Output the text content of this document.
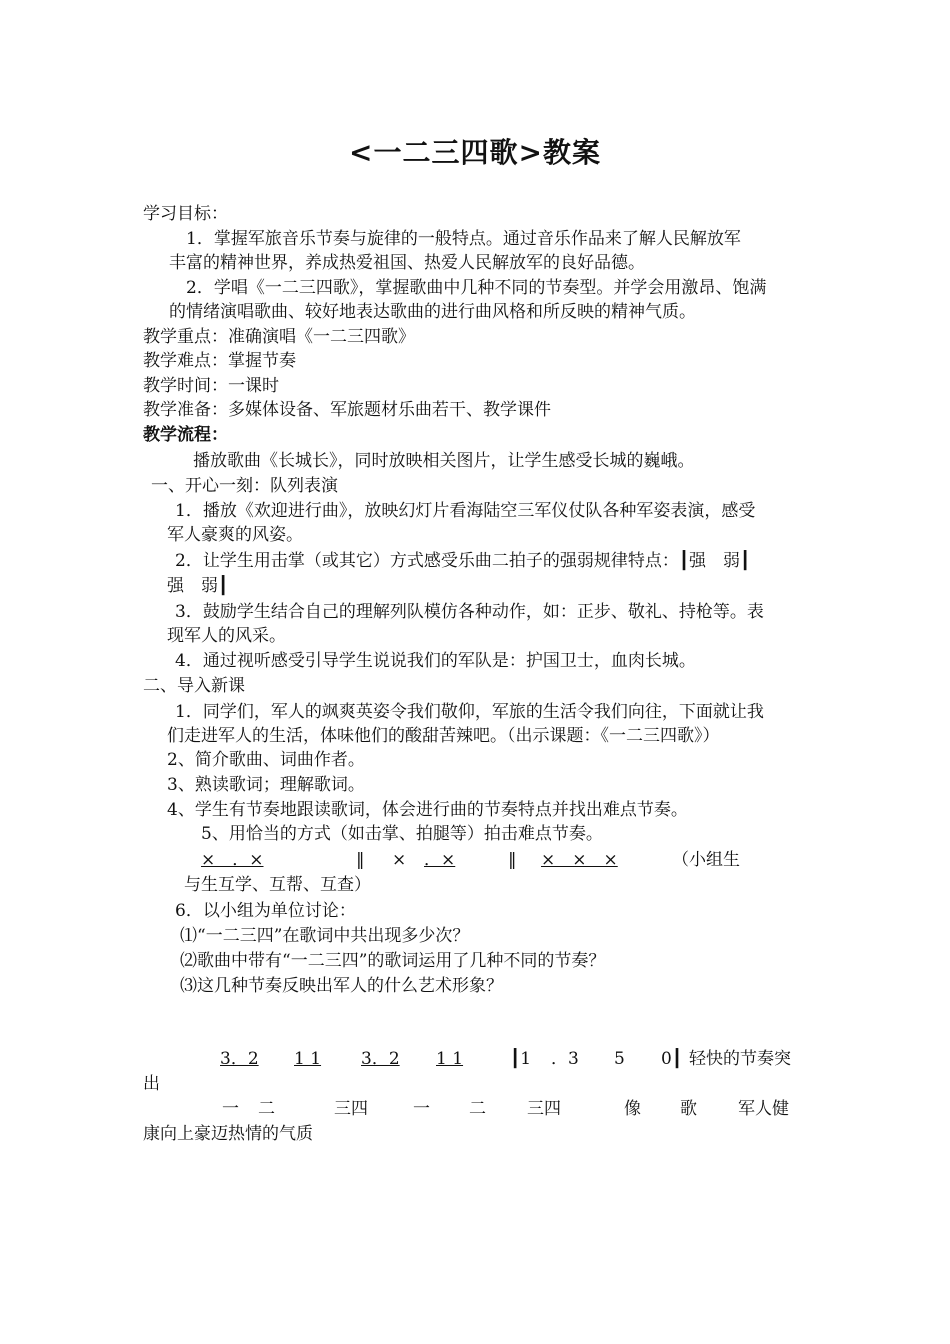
<一二三四歌>教案
学习目标：
1．掌握军旅音乐节奏与旋律的一般特点。通过音乐作品来了解人民解放军
丰富的精神世界，养成热爱祖国、热爱人民解放军的良好品德。
2．学唱《一二三四歌》，掌握歌曲中几种不同的节奏型。并学会用激昂、饱满
的情绪演唱歌曲、较好地表达歌曲的进行曲风格和所反映的精神气质。
教学重点：准确演唱《一二三四歌》
教学难点：掌握节奏
教学时间：一课时
教学准备：多媒体设备、军旅题材乐曲若干、教学课件
教学流程：
播放歌曲《长城长》，同时放映相关图片，让学生感受长城的巍峨。
一、开心一刻：队列表演
1．播放《欢迎进行曲》，放映幻灯片看海陆空三军仪仗队各种军姿表演，感受
军人豪爽的风姿。
2．让学生用击掌（或其它）方式感受乐曲二拍子的强弱规律特点：┃强　弱┃
强　弱┃
3．鼓励学生结合自己的理解列队模仿各种动作，如：正步、敬礼、持枪等。表
现军人的风采。
4．通过视听感受引导学生说说我们的军队是：护国卫士，血肉长城。
二、导入新课
1．同学们，军人的飒爽英姿令我们敬仰，军旅的生活令我们向往，下面就让我
们走进军人的生活，体味他们的酸甜苦辣吧。（出示课题：《一二三四歌》）
2、简介歌曲、词曲作者。
3、熟读歌词；理解歌词。
4、学生有节奏地跟读歌词，体会进行曲的节奏特点并找出难点节奏。
5、用恰当的方式（如击掌、拍腿等）拍击难点节奏。
×　．×	‖ × ．×	‖ ×　×　×	（小组生
与生互学、互帮、互查）
6．以小组为单位讨论：
⑴“一二三四”在歌词中共出现多少次？
⑵歌曲中带有“一二三四”的歌词运用了几种不同的节奏？
⑶这几种节奏反映出军人的什么艺术形象？
3．2 1 1 3．2 1 1	┃1 ．3 5 0┃ 轻快的节奏突
出
一 二	三四	一 二 三四	像 歌 军人健
康向上豪迈热情的气质
